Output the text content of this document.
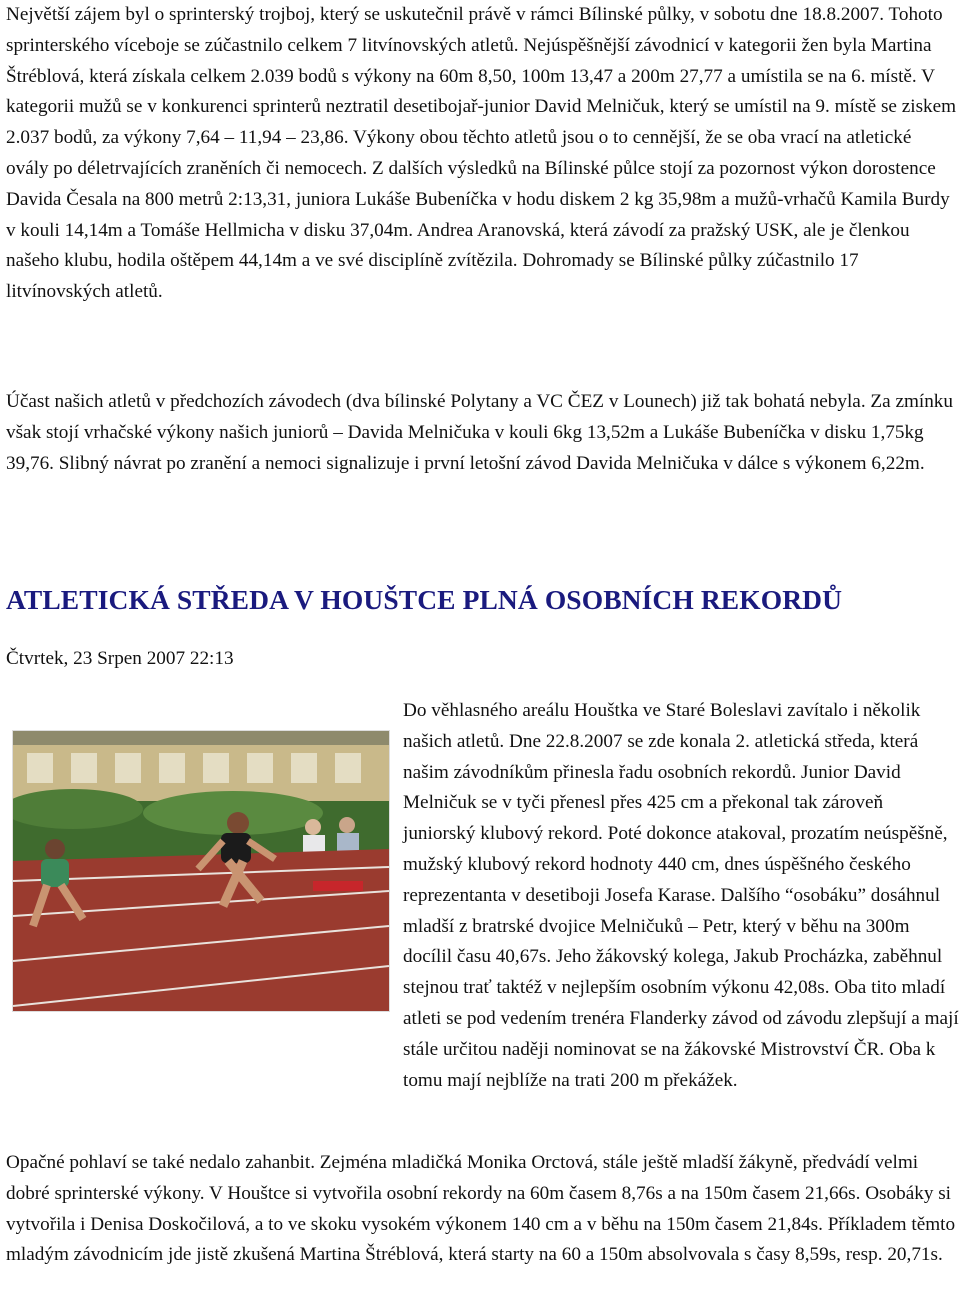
Největší zájem byl o sprinterský trojboj, který se uskutečnil právě v rámci Bílinské půlky, v sobotu dne 18.8.2007. Tohoto sprinterského víceboje se zúčastnilo celkem 7 litvínovských atletů. Nejúspěšnější závodnicí v kategorii žen byla Martina Štréblová, která získala celkem 2.039 bodů s výkony na 60m 8,50, 100m 13,47 a 200m 27,77 a umístila se na 6. místě. V kategorii mužů se v konkurenci sprinterů neztratil desetibojař-junior David Melničuk, který se umístil na 9. místě se ziskem 2.037 bodů, za výkony 7,64 – 11,94 – 23,86. Výkony obou těchto atletů jsou o to cennější, že se oba vrací na atletické ovály po déletrvajících zraněních či nemocech. Z dalších výsledků na Bílinské půlce stojí za pozornost výkon dorostence Davida Česala na 800 metrů 2:13,31, juniora Lukáše Bubeníčka v hodu diskem 2 kg 35,98m a mužů-vrhačů Kamila Burdy v kouli 14,14m a Tomáše Hellmicha v disku 37,04m. Andrea Aranovská, která závodí za pražský USK, ale je členkou našeho klubu, hodila oštěpem 44,14m a ve své disciplíně zvítězila. Dohromady se Bílinské půlky zúčastnilo 17 litvínovských atletů.

Účast našich atletů v předchozích závodech (dva bílinské Polytany a VC ČEZ v Lounech) již tak bohatá nebyla. Za zmínku však stojí vrhačské výkony našich juniorů – Davida Melničuka v kouli 6kg 13,52m a Lukáše Bubeníčka v disku 1,75kg 39,76. Slibný návrat po zranění a nemoci signalizuje i první letošní závod Davida Melničuka v dálce s výkonem 6,22m.

ATLETICKÁ STŘEDA V HOUŠTCE PLNÁ OSOBNÍCH REKORDŮ

Čtvrtek, 23 Srpen 2007 22:13

Do věhlasného areálu Houštka ve Staré Boleslavi zavítalo i několik našich atletů. Dne 22.8.2007 se zde konala 2. atletická středa, která našim závodníkům přinesla řadu osobních rekordů. Junior David Melničuk se v tyči přenesl přes 425 cm a překonal tak zároveň juniorský klubový rekord. Poté dokonce atakoval, prozatím neúspěšně, mužský klubový rekord hodnoty 440 cm, dnes úspěšného českého reprezentanta v desetiboji Josefa Karase. Dalšího “osobáku” dosáhnul mladší z bratrské dvojice Melničuků – Petr, který v běhu na 300m docílil času 40,67s. Jeho žákovský kolega, Jakub Procházka, zaběhnul stejnou trať taktéž v nejlepším osobním výkonu 42,08s. Oba tito mladí atleti se pod vedením trenéra Flanderky závod od závodu zlepšují a mají stále určitou naději nominovat se na žákovské Mistrovství ČR. Oba k tomu mají nejblíže na trati 200 m překážek.

Opačné pohlaví se také nedalo zahanbit. Zejména mladičká Monika Orctová, stále ještě mladší žákyně, předvádí velmi dobré sprinterské výkony. V Houštce si vytvořila osobní rekordy na 60m časem 8,76s a na 150m časem 21,66s. Osobáky si vytvořila i Denisa Doskočilová, a to ve skoku vysokém výkonem 140 cm a v běhu na 150m časem 21,84s. Příkladem těmto mladým závodnicím jde jistě zkušená Martina Štréblová, která starty na 60 a 150m absolvovala s časy 8,59s, resp. 20,71s.
